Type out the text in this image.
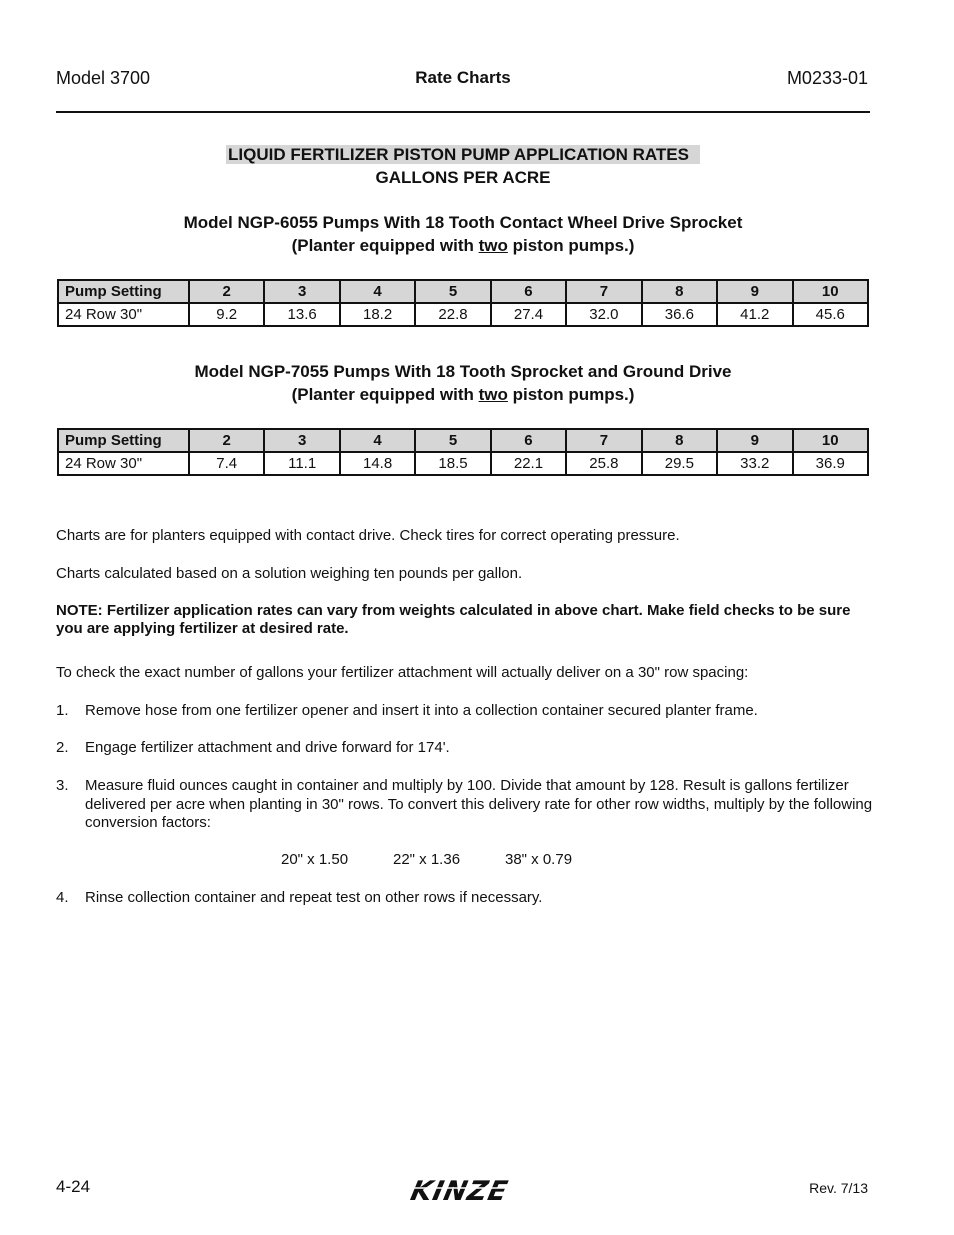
Model 3700	Rate Charts	M0233-01
LIQUID FERTILIZER PISTON PUMP APPLICATION RATES
GALLONS PER ACRE
Model NGP-6055 Pumps With 18 Tooth Contact Wheel Drive Sprocket
(Planter equipped with two piston pumps.)
Pump Setting	2	3	4	5	6	7	8	9	10
24 Row 30"	9.2	13.6	18.2	22.8	27.4	32.0	36.6	41.2	45.6
Model NGP-7055 Pumps With 18 Tooth Sprocket and Ground Drive
(Planter equipped with two piston pumps.)
Pump Setting	2	3	4	5	6	7	8	9	10
24 Row 30"	7.4	11.1	14.8	18.5	22.1	25.8	29.5	33.2	36.9
Charts are for planters equipped with contact drive. Check tires for correct operating pressure.
Charts calculated based on a solution weighing ten pounds per gallon.
NOTE: Fertilizer application rates can vary from weights calculated in above chart. Make field checks to be sure you are applying fertilizer at desired rate.
To check the exact number of gallons your fertilizer attachment will actually deliver on a 30" row spacing:
1. Remove hose from one fertilizer opener and insert it into a collection container secured planter frame.
2. Engage fertilizer attachment and drive forward for 174'.
3. Measure fluid ounces caught in container and multiply by 100. Divide that amount by 128. Result is gallons fertilizer delivered per acre when planting in 30" rows. To convert this delivery rate for other row widths, multiply by the following conversion factors:
20" x 1.50	22" x 1.36	38" x 0.79
4. Rinse collection container and repeat test on other rows if necessary.
4-24	KINZE	Rev. 7/13
